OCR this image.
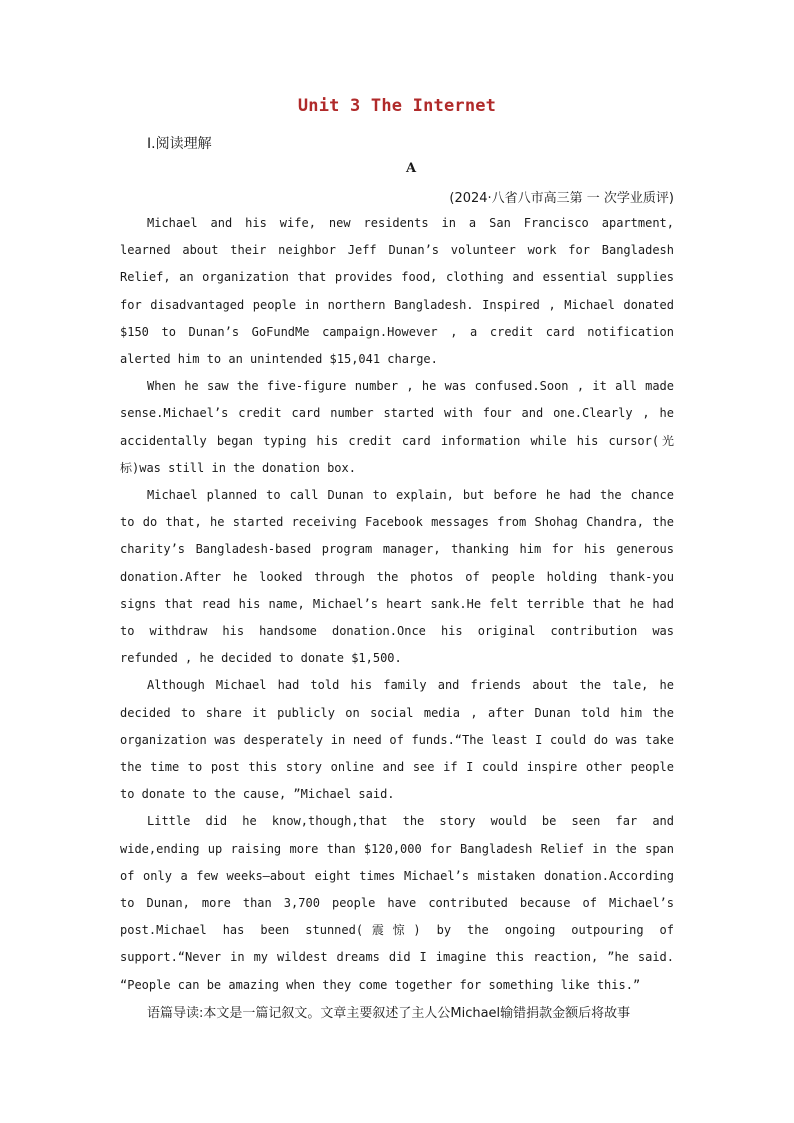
Unit 3 The Internet
Ⅰ.阅读理解
A
(2024·八省八市高三第 一 次学业质评)

Michael and his wife, new residents in a San Francisco apartment, learned about their neighbor Jeff Dunan’s volunteer work for Bangladesh Relief, an organization that provides food, clothing and essential supplies for disadvantaged people in northern Bangladesh. Inspired , Michael donated $150 to Dunan’s GoFundMe campaign.However , a credit card notification alerted him to an unintended $15,041 charge.

When he saw the five-figure number , he was confused.Soon , it all made sense.Michael’s credit card number started with four and one.Clearly , he accidentally began typing his credit card information while his cursor(光标)was still in the donation box.

Michael planned to call Dunan to explain, but before he had the chance to do that, he started receiving Facebook messages from Shohag Chandra, the charity’s Bangladesh-based program manager, thanking him for his generous donation.After he looked through the photos of people holding thank-you signs that read his name, Michael’s heart sank.He felt terrible that he had to withdraw his handsome donation.Once his original contribution was refunded , he decided to donate $1,500.

Although Michael had told his family and friends about the tale, he decided to share it publicly on social media , after Dunan told him the organization was desperately in need of funds.“The least I could do was take the time to post this story online and see if I could inspire other people to donate to the cause, ”Michael said.

Little did he know,though,that the story would be seen far and wide,ending up raising more than $120,000 for Bangladesh Relief in the span of only a few weeks—about eight times Michael’s mistaken donation.According to Dunan, more than 3,700 people have contributed because of Michael’s post.Michael has been stunned(震惊) by the ongoing outpouring of support.“Never in my wildest dreams did I imagine this reaction, ”he said. “People can be amazing when they come together for something like this.”

语篇导读:本文是一篇记叙文。文章主要叙述了主人公Michael输错捐款金额后将故事
